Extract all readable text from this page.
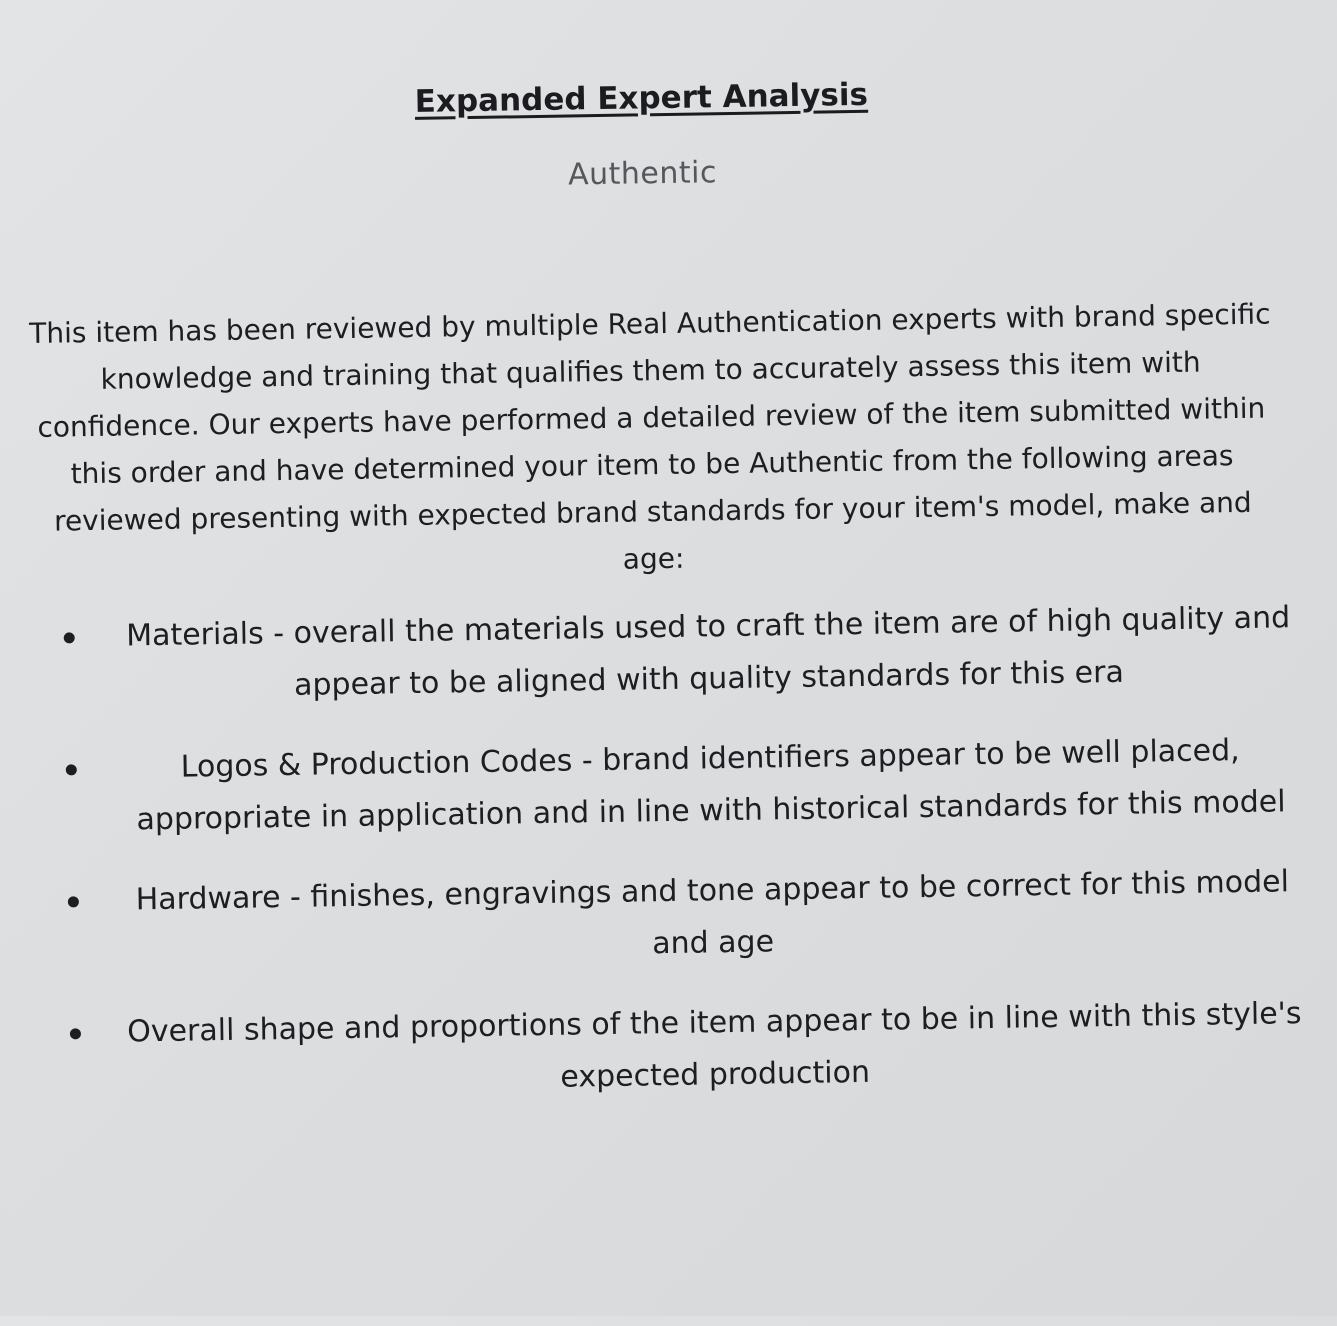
Expanded Expert Analysis
Authentic

This item has been reviewed by multiple Real Authentication experts with brand specific knowledge and training that qualifies them to accurately assess this item with confidence. Our experts have performed a detailed review of the item submitted within this order and have determined your item to be Authentic from the following areas reviewed presenting with expected brand standards for your item's model, make and age:

Materials - overall the materials used to craft the item are of high quality and appear to be aligned with quality standards for this era
Logos & Production Codes - brand identifiers appear to be well placed, appropriate in application and in line with historical standards for this model
Hardware - finishes, engravings and tone appear to be correct for this model and age
Overall shape and proportions of the item appear to be in line with this style's expected production
